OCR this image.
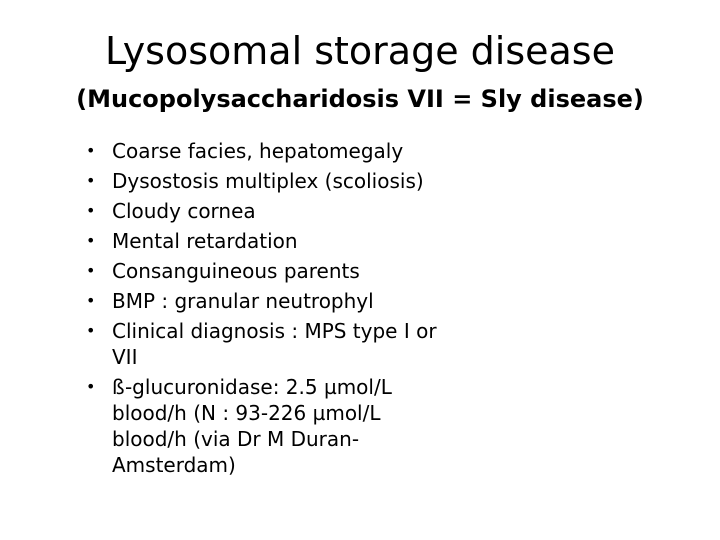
Lysosomal storage disease
(Mucopolysaccharidosis VII = Sly disease)
• Coarse facies, hepatomegaly
• Dysostosis multiplex (scoliosis)
• Cloudy cornea
• Mental retardation
• Consanguineous parents
• BMP : granular neutrophyl
• Clinical diagnosis : MPS type I or VII
• ß-glucuronidase: 2.5 µmol/L blood/h (N : 93-226 µmol/L blood/h (via Dr M Duran-Amsterdam)
